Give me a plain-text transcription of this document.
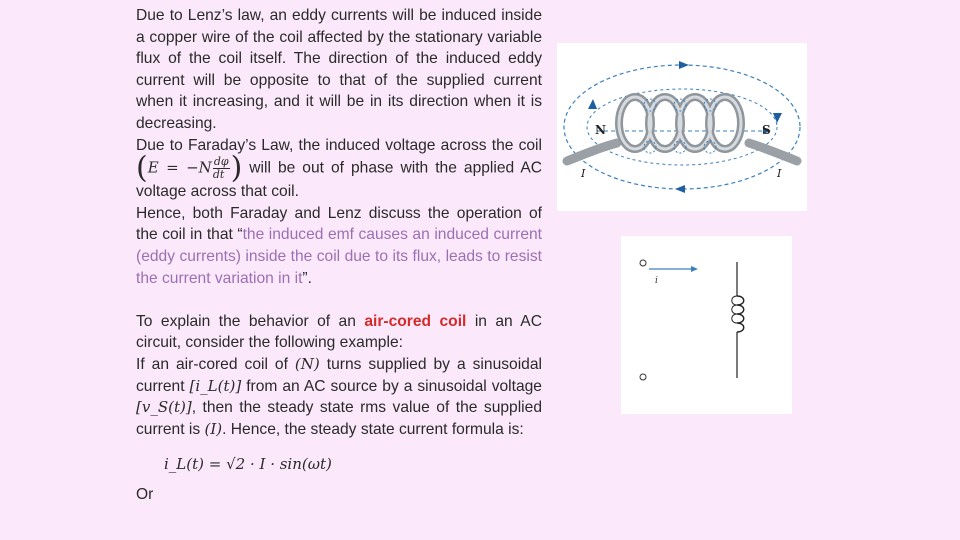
Due to Lenz’s law, an eddy currents will be induced inside a copper wire of the coil affected by the stationary variable flux of the coil itself. The direction of the induced eddy current will be opposite to that of the supplied current when it increasing, and it will be in its direction when it is decreasing.

Due to Faraday’s Law, the induced voltage across the coil ($E = -N \frac{d\varphi}{dt}$ ) will be out of phase with the applied AC voltage across that coil.

Hence, both Faraday and Lenz discuss the operation of the coil in that “the induced emf causes an induced current (eddy currents) inside the coil due to its flux, leads to resist the current variation in it”.

To explain the behavior of an air-cored coil in an AC circuit, consider the following example:

If an air-cored coil of (N) turns supplied by a sinusoidal current [i_L(t)] from an AC source by a sinusoidal voltage [v_S(t)], then the steady state rms value of the supplied current is (I). Hence, the steady state current formula is:

i_L(t) = √2 · I · sin(ωt)

Or

N	S
I	I
i
